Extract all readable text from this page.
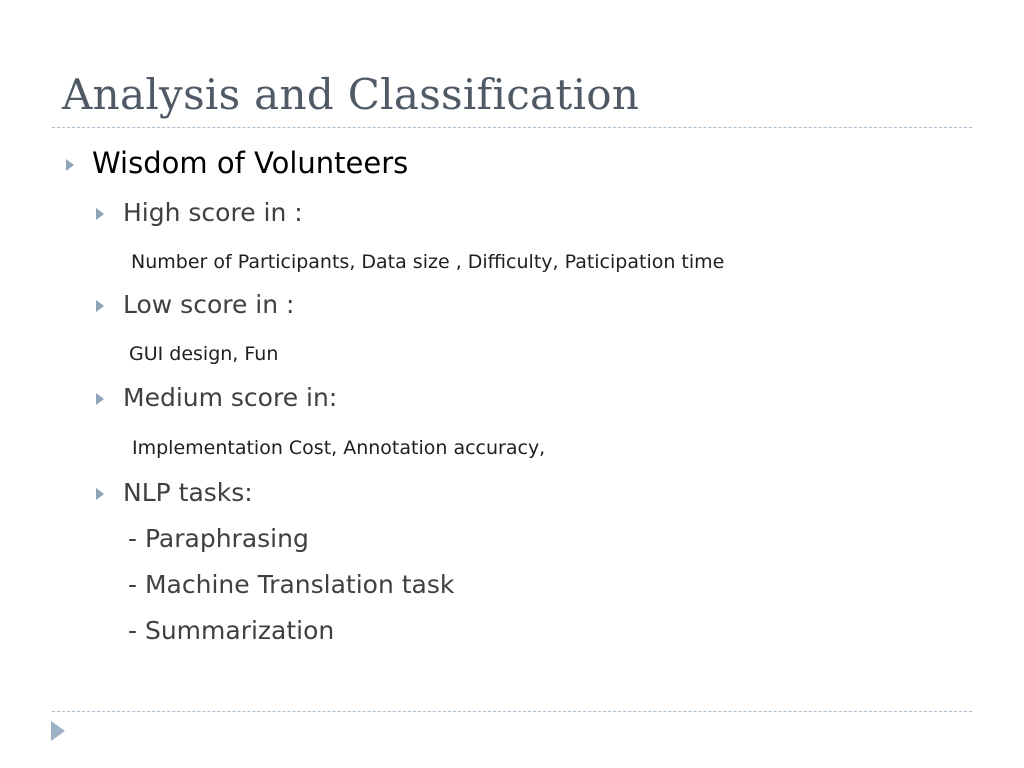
Analysis and Classification
Wisdom of Volunteers
High score in :
Number of Participants, Data size , Difficulty, Paticipation time
Low score in :
GUI design, Fun
Medium score in:
Implementation Cost, Annotation accuracy,
NLP tasks:
- Paraphrasing
- Machine Translation task
- Summarization
